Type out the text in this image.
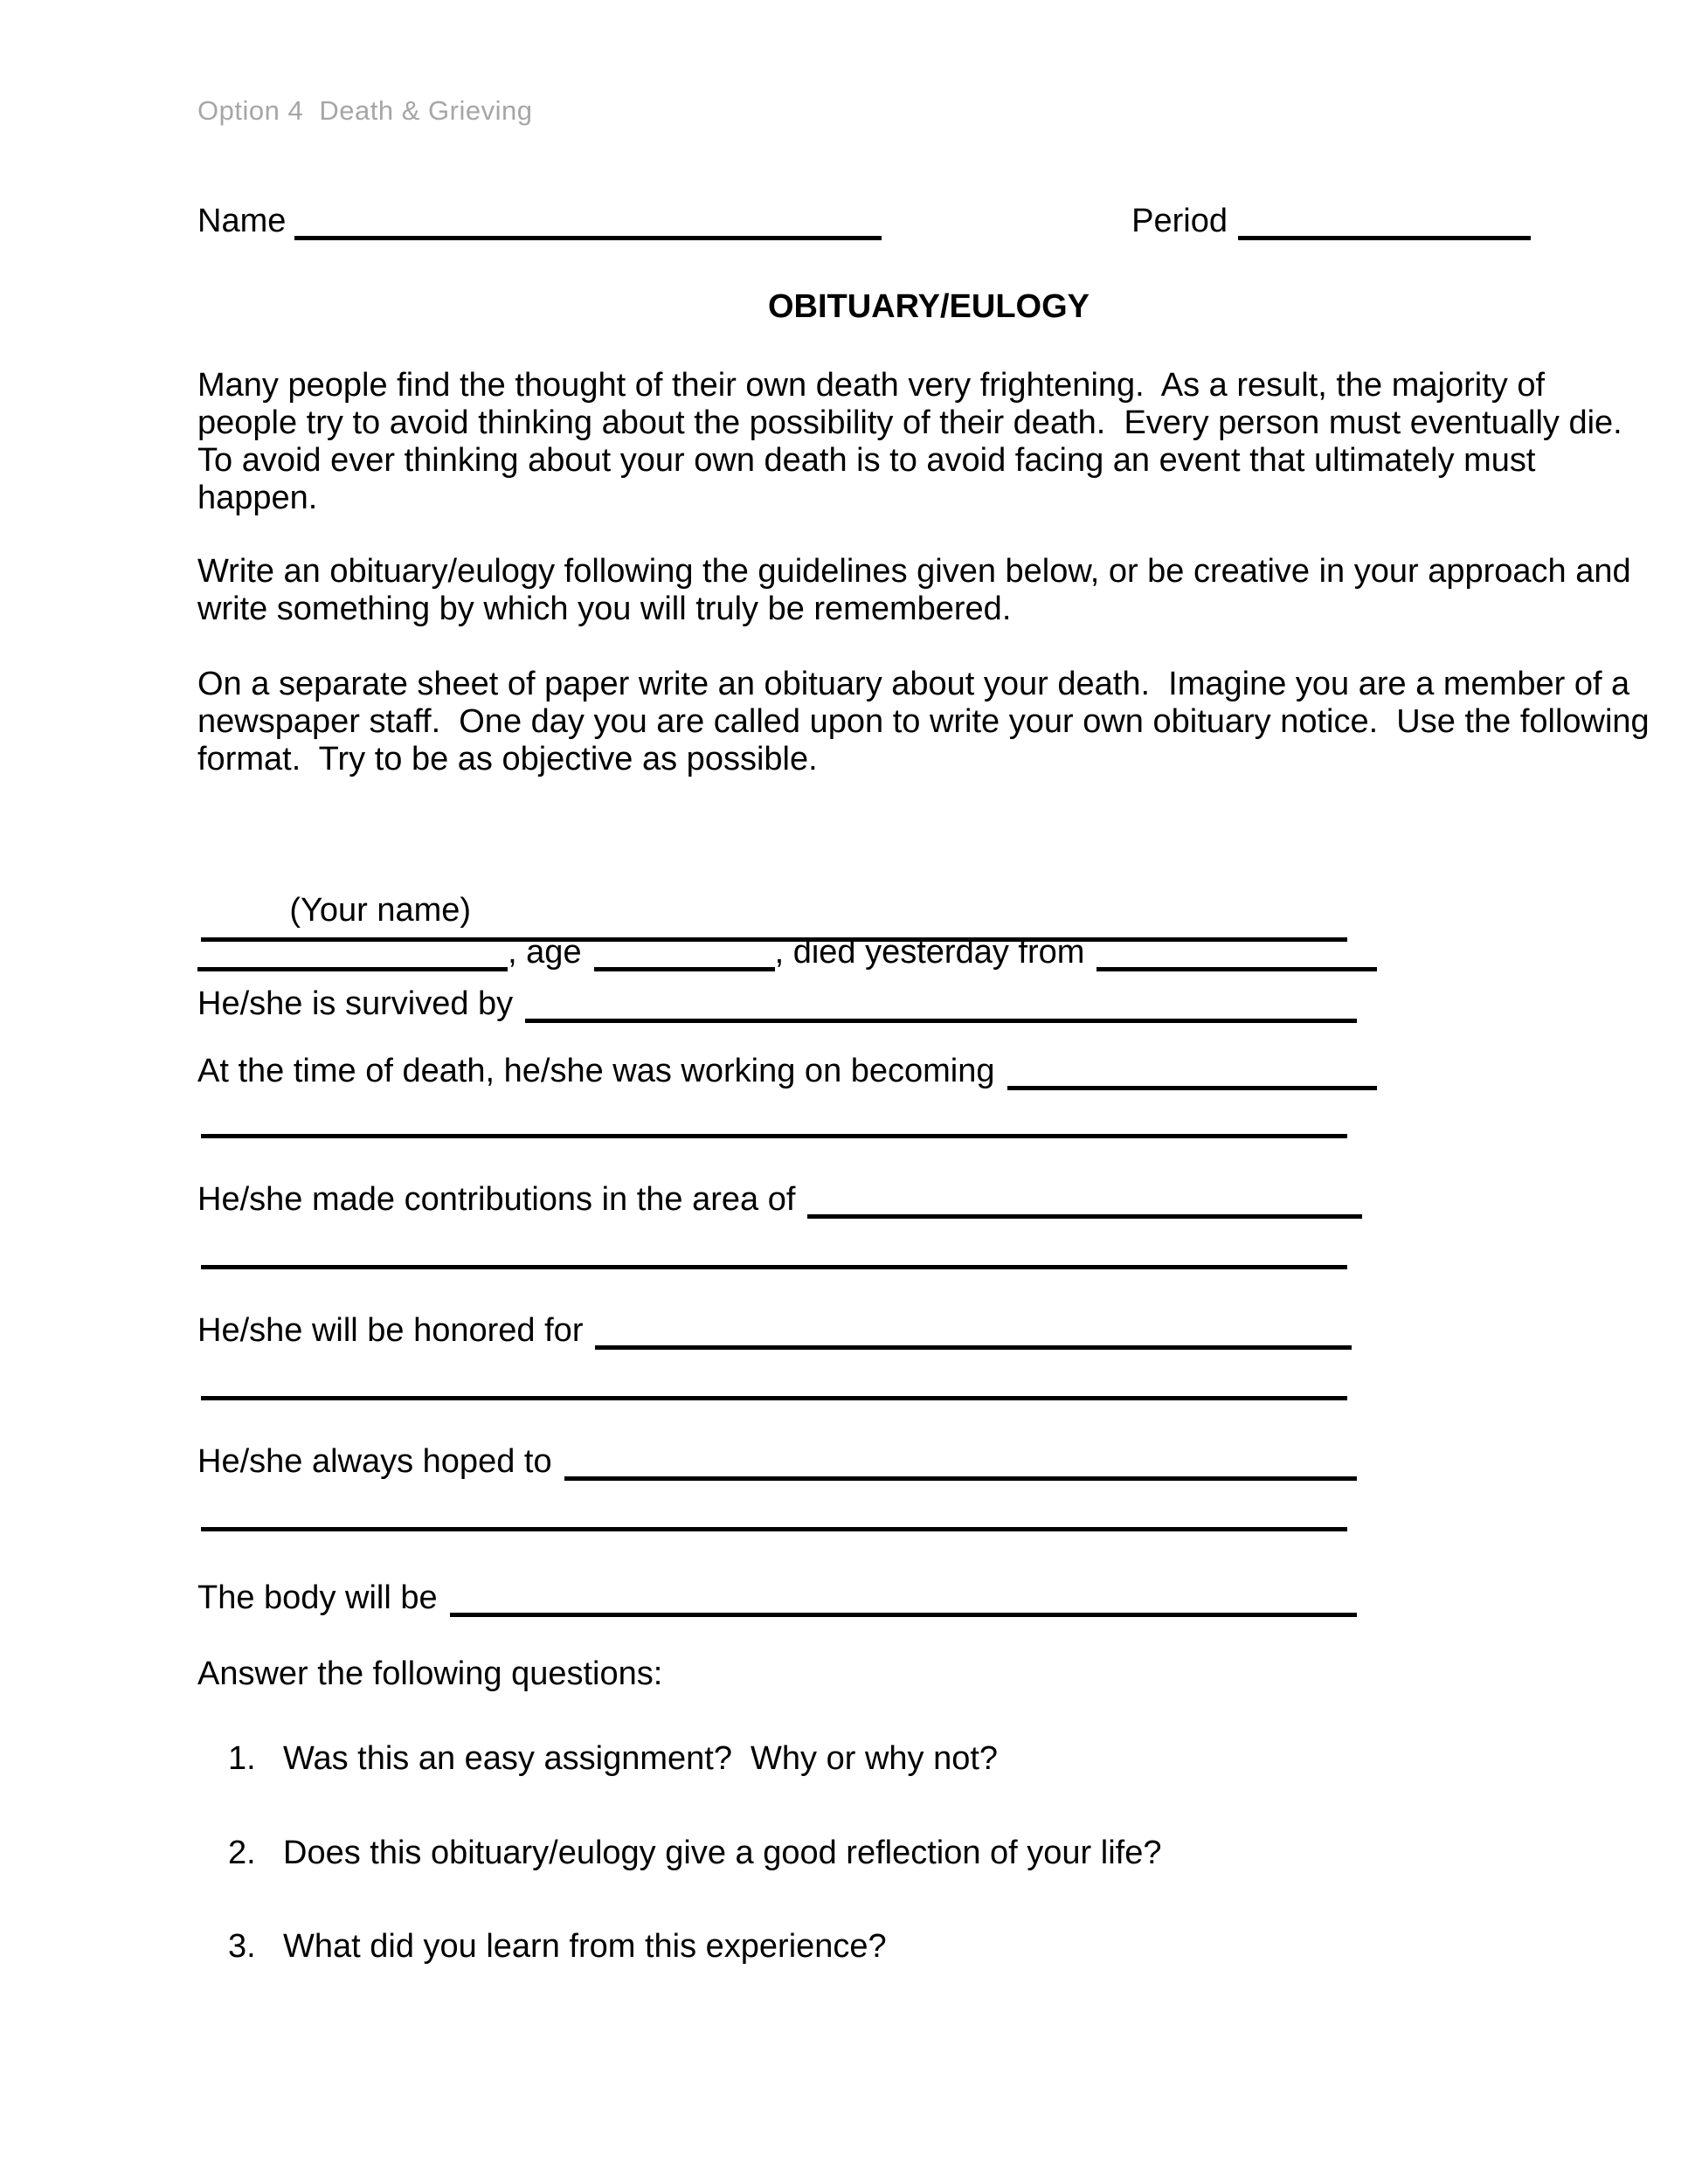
Option 4  Death & Grieving
Name	Period
OBITUARY/EULOGY
Many people find the thought of their own death very frightening.  As a result, the majority of
people try to avoid thinking about the possibility of their death.  Every person must eventually die.
To avoid ever thinking about your own death is to avoid facing an event that ultimately must
happen.
Write an obituary/eulogy following the guidelines given below, or be creative in your approach and
write something by which you will truly be remembered.
On a separate sheet of paper write an obituary about your death.  Imagine you are a member of a
newspaper staff.  One day you are called upon to write your own obituary notice.  Use the following
format.  Try to be as objective as possible.

(Your name)

, age	, died yesterday from
He/she is survived by
At the time of death, he/she was working on becoming
He/she made contributions in the area of
He/she will be honored for
He/she always hoped to
The body will be
Answer the following questions:
1. Was this an easy assignment?  Why or why not?
2. Does this obituary/eulogy give a good reflection of your life?
3. What did you learn from this experience?
